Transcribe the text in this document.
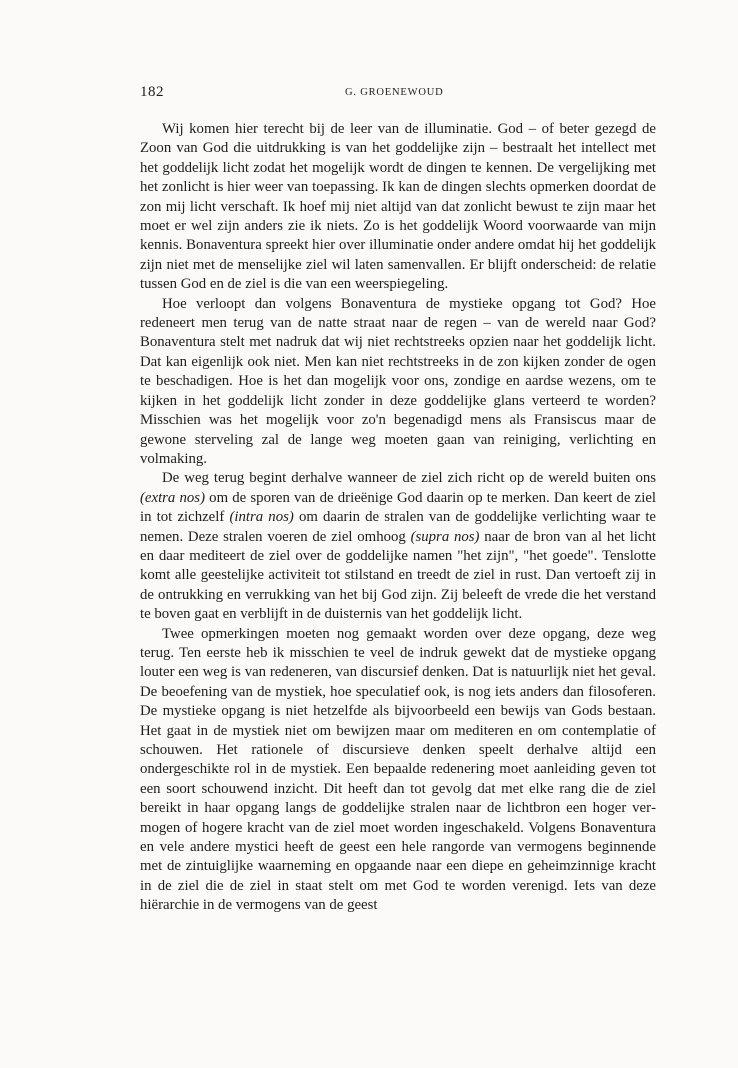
182	G. GROENEWOUD

Wij komen hier terecht bij de leer van de illuminatie. God – of beter gezegd de Zoon van God die uitdrukking is van het goddelijke zijn – bestraalt het intellect met het goddelijk licht zodat het mogelijk wordt de dingen te kennen. De vergelijking met het zonlicht is hier weer van toepassing. Ik kan de dingen slechts opmerken doordat de zon mij licht verschaft. Ik hoef mij niet altijd van dat zonlicht bewust te zijn maar het moet er wel zijn anders zie ik niets. Zo is het goddelijk Woord voorwaarde van mijn kennis. Bonaventura spreekt hier over illuminatie onder andere omdat hij het goddelijk zijn niet met de menselijke ziel wil laten samenvallen. Er blijft onderscheid: de relatie tussen God en de ziel is die van een weerspiegeling.

Hoe verloopt dan volgens Bonaventura de mystieke opgang tot God? Hoe redeneert men terug van de natte straat naar de regen – van de wereld naar God? Bonaventura stelt met nadruk dat wij niet rechtstreeks opzien naar het goddelijk licht. Dat kan eigenlijk ook niet. Men kan niet rechtstreeks in de zon kijken zonder de ogen te beschadigen. Hoe is het dan mogelijk voor ons, zondige en aardse wezens, om te kijken in het goddelijk licht zonder in deze goddelijke glans verteerd te worden? Misschien was het mogelijk voor zo'n begenadigd mens als Fransiscus maar de gewone sterveling zal de lange weg moeten gaan van reiniging, verlichting en volmaking.

De weg terug begint derhalve wanneer de ziel zich richt op de wereld buiten ons (extra nos) om de sporen van de drieënige God daarin op te merken. Dan keert de ziel in tot zichzelf (intra nos) om daarin de stralen van de goddelijke verlichting waar te nemen. Deze stralen voeren de ziel omhoog (supra nos) naar de bron van al het licht en daar mediteert de ziel over de goddelijke namen "het zijn", "het goede". Tenslotte komt alle geestelijke activiteit tot stilstand en treedt de ziel in rust. Dan vertoeft zij in de ontrukking en verrukking van het bij God zijn. Zij beleeft de vrede die het verstand te boven gaat en verblijft in de duisternis van het goddelijk licht.

Twee opmerkingen moeten nog gemaakt worden over deze opgang, deze weg terug. Ten eerste heb ik misschien te veel de indruk gewekt dat de mystieke opgang louter een weg is van redeneren, van discursief denken. Dat is natuurlijk niet het geval. De beoefening van de mystiek, hoe speculatief ook, is nog iets anders dan filosoferen. De mystieke opgang is niet hetzelfde als bijvoorbeeld een bewijs van Gods bestaan. Het gaat in de mystiek niet om bewijzen maar om mediteren en om contemplatie of schouwen. Het rationele of discursieve denken speelt derhalve altijd een ondergeschikte rol in de mystiek. Een bepaalde redenering moet aanleiding geven tot een soort schouwend inzicht. Dit heeft dan tot gevolg dat met elke rang die de ziel bereikt in haar opgang langs de goddelijke stralen naar de lichtbron een hoger vermogen of hogere kracht van de ziel moet worden ingeschakeld. Volgens Bonaventura en vele andere mystici heeft de geest een hele rangorde van vermogens beginnende met de zintuiglijke waarneming en opgaande naar een diepe en geheimzinnige kracht in de ziel die de ziel in staat stelt om met God te worden verenigd. Iets van deze hiërarchie in de vermogens van de geest
